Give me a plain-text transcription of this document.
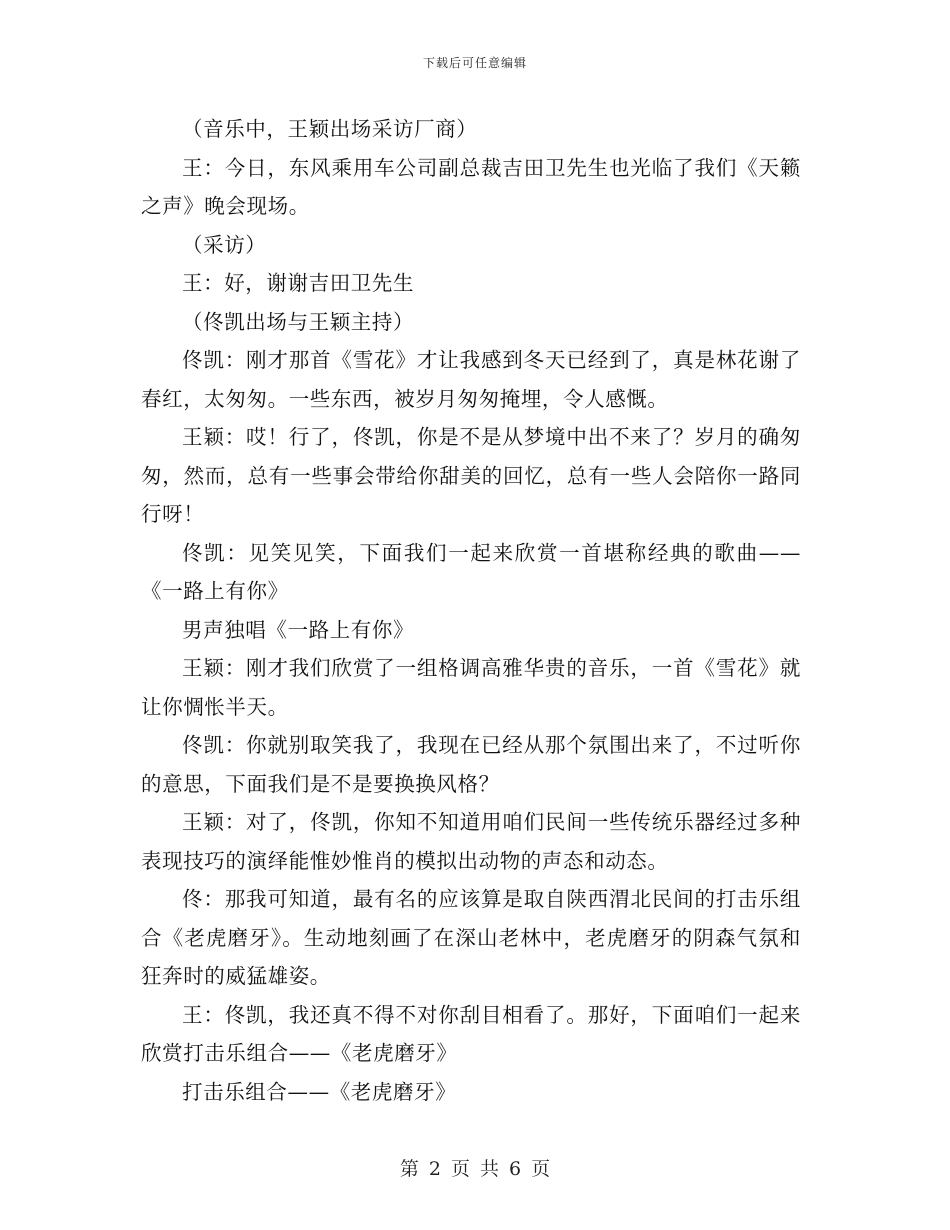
下载后可任意编辑

（音乐中，王颖出场采访厂商）

王：今日，东风乘用车公司副总裁吉田卫先生也光临了我们《天籁之声》晚会现场。

（采访）

王：好，谢谢吉田卫先生

（佟凯出场与王颖主持）

佟凯：刚才那首《雪花》才让我感到冬天已经到了，真是林花谢了春红，太匆匆。一些东西，被岁月匆匆掩埋，令人感慨。

王颖：哎！行了，佟凯，你是不是从梦境中出不来了？岁月的确匆匆，然而，总有一些事会带给你甜美的回忆，总有一些人会陪你一路同行呀！

佟凯：见笑见笑，下面我们一起来欣赏一首堪称经典的歌曲——《一路上有你》

男声独唱《一路上有你》

王颖：刚才我们欣赏了一组格调高雅华贵的音乐，一首《雪花》就让你惆怅半天。

佟凯：你就别取笑我了，我现在已经从那个氛围出来了，不过听你的意思，下面我们是不是要换换风格？

王颖：对了，佟凯，你知不知道用咱们民间一些传统乐器经过多种表现技巧的演绎能惟妙惟肖的模拟出动物的声态和动态。

佟：那我可知道，最有名的应该算是取自陕西渭北民间的打击乐组合《老虎磨牙》。生动地刻画了在深山老林中，老虎磨牙的阴森气氛和狂奔时的威猛雄姿。

王：佟凯，我还真不得不对你刮目相看了。那好，下面咱们一起来欣赏打击乐组合——《老虎磨牙》

打击乐组合——《老虎磨牙》

第 2 页 共 6 页
